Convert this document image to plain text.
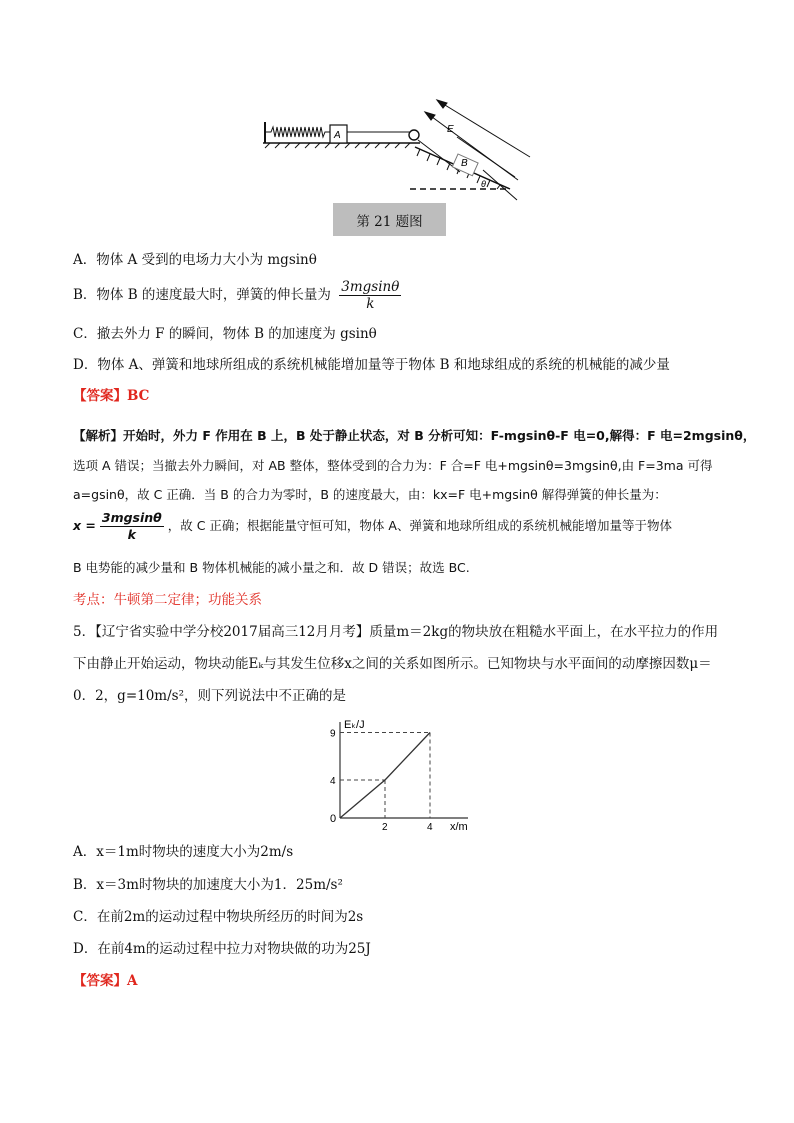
A
θ
B
E
第 21 题图
A．物体 A 受到的电场力大小为 mgsinθ
B．物体 B 的速度最大时，弹簧的伸长量为 $\frac{3mgsin\theta}{k}$
C．撤去外力 F 的瞬间，物体 B 的加速度为 gsinθ
D．物体 A、弹簧和地球所组成的系统机械能增加量等于物体 B 和地球组成的系统的机械能的减少量
【答案】BC
【解析】开始时，外力 F 作用在 B 上，B 处于静止状态，对 B 分析可知：F-mgsinθ-F 电=0,解得：F 电=2mgsinθ，
选项 A 错误；当撤去外力瞬间，对 AB 整体，整体受到的合力为：F 合=F 电+mgsinθ=3mgsinθ,由 F=3ma 可得
a=gsinθ，故 C 正确．当 B 的合力为零时，B 的速度最大，由：kx=F 电+mgsinθ 解得弹簧的伸长量为：
$x = \frac{3mgsin\theta}{k}$ ，故 C 正确；根据能量守恒可知，物体 A、弹簧和地球所组成的系统机械能增加量等于物体
B 电势能的减少量和 B 物体机械能的减小量之和．故 D 错误；故选 BC.
考点：牛顿第二定律；功能关系
5．【辽宁省实验中学分校2017届高三12月月考】质量m＝2kg的物块放在粗糙水平面上，在水平拉力的作用
下由静止开始运动，物块动能Eₖ与其发生位移x之间的关系如图所示。已知物块与水平面间的动摩擦因数μ＝
0．2，g=10m/s²，则下列说法中不正确的是
Eₖ/J
x/m
0
2	4
4
9
A．x＝1m时物块的速度大小为2m/s
B．x＝3m时物块的加速度大小为1．25m/s²
C．在前2m的运动过程中物块所经历的时间为2s
D．在前4m的运动过程中拉力对物块做的功为25J
【答案】A
